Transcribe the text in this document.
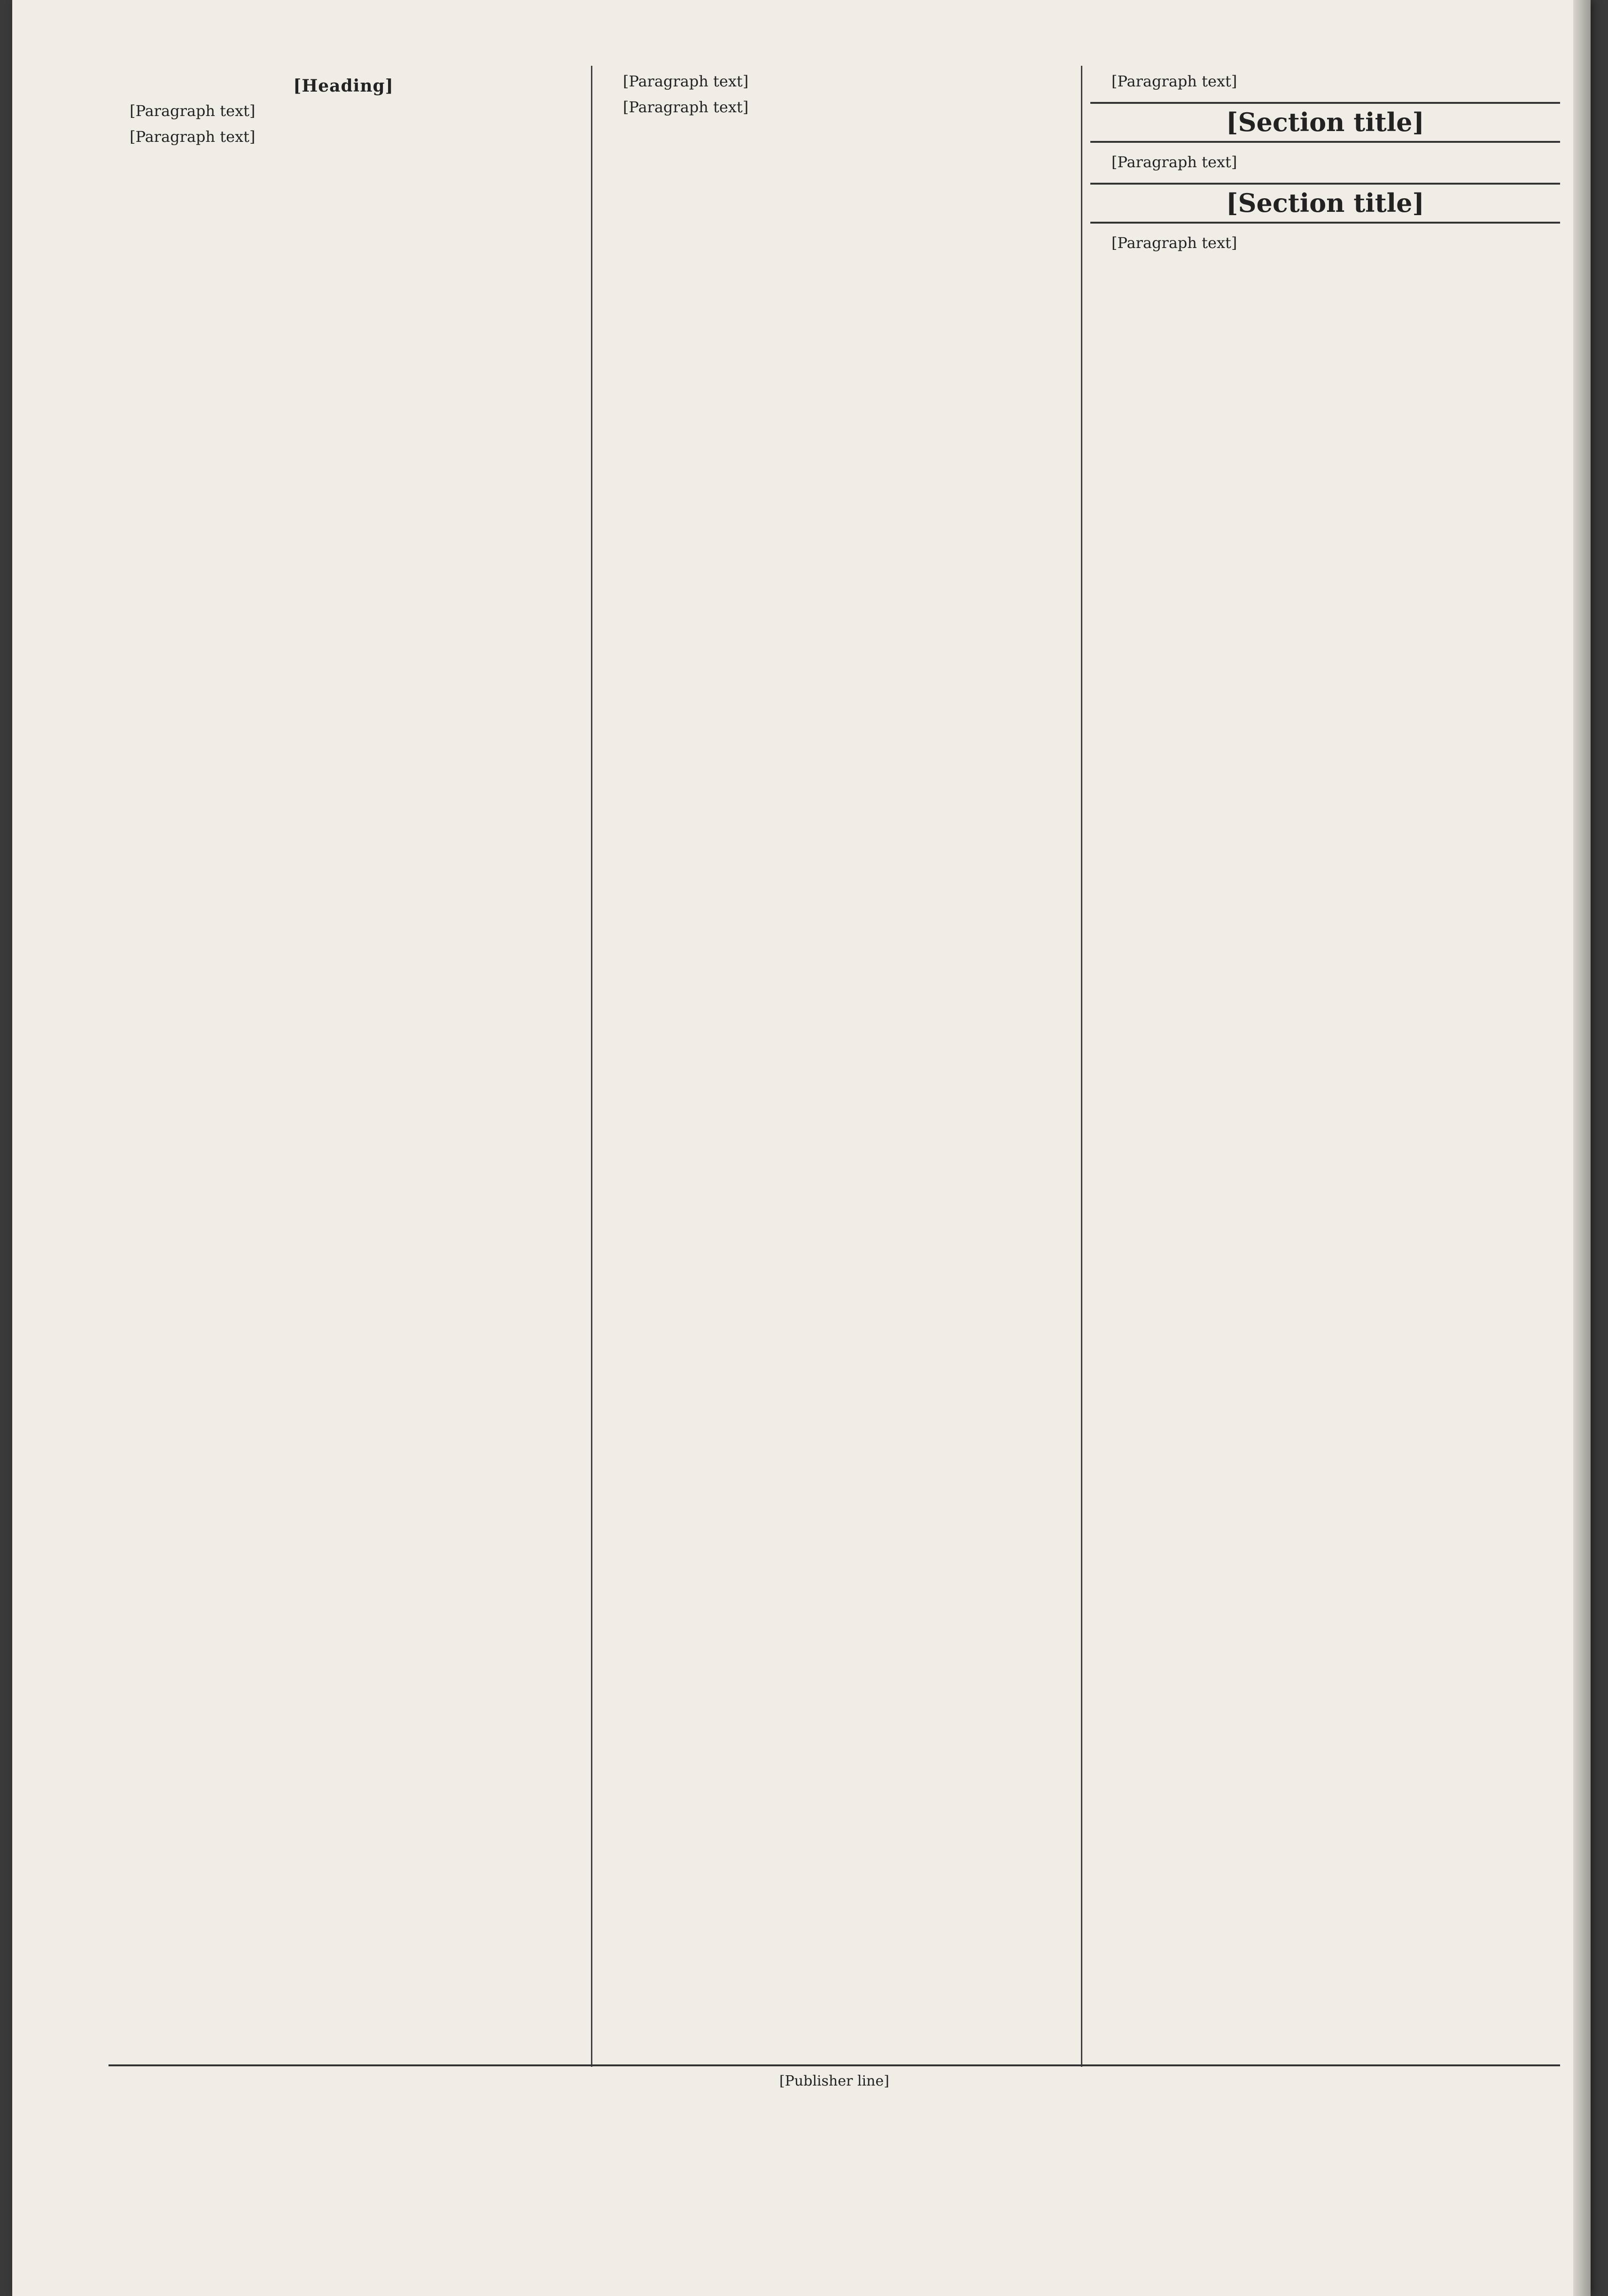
[Heading]

[Paragraph text]

[Paragraph text]

[Paragraph text]

[Paragraph text]

[Paragraph text]

[Section title]

[Paragraph text]

[Section title]

[Paragraph text]

[Publisher line]
